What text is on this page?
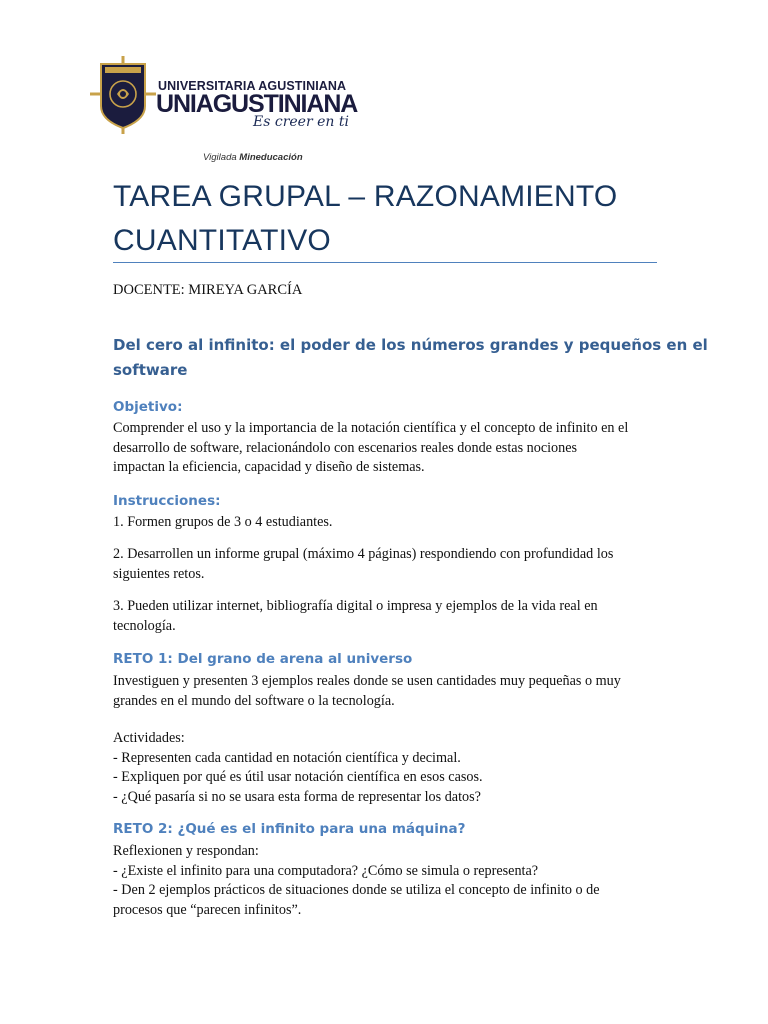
UNIVERSITARIA AGUSTINIANA
UNIAGUSTINIANA
Es creer en ti
Vigilada Mineducación
TAREA GRUPAL – RAZONAMIENTO
CUANTITATIVO
DOCENTE: MIREYA GARCÍA
Del cero al infinito: el poder de los números grandes y pequeños en el
software
Objetivo:
Comprender el uso y la importancia de la notación científica y el concepto de infinito en el
desarrollo de software, relacionándolo con escenarios reales donde estas nociones
impactan la eficiencia, capacidad y diseño de sistemas.
Instrucciones:
1. Formen grupos de 3 o 4 estudiantes.
2. Desarrollen un informe grupal (máximo 4 páginas) respondiendo con profundidad los
siguientes retos.
3. Pueden utilizar internet, bibliografía digital o impresa y ejemplos de la vida real en
tecnología.
RETO 1: Del grano de arena al universo
Investiguen y presenten 3 ejemplos reales donde se usen cantidades muy pequeñas o muy
grandes en el mundo del software o la tecnología.
Actividades:
- Representen cada cantidad en notación científica y decimal.
- Expliquen por qué es útil usar notación científica en esos casos.
- ¿Qué pasaría si no se usara esta forma de representar los datos?
RETO 2: ¿Qué es el infinito para una máquina?
Reflexionen y respondan:
- ¿Existe el infinito para una computadora? ¿Cómo se simula o representa?
- Den 2 ejemplos prácticos de situaciones donde se utiliza el concepto de infinito o de
procesos que “parecen infinitos”.
